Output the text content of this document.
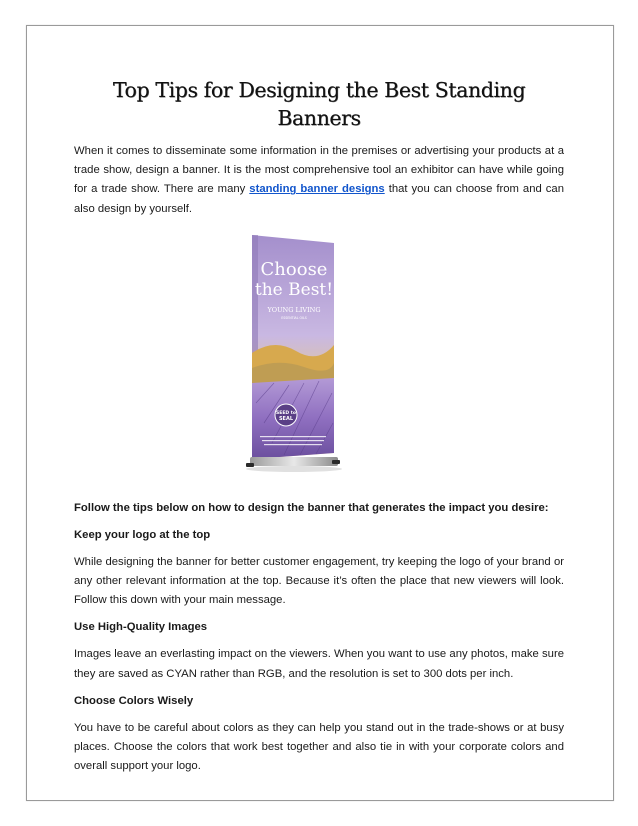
Top Tips for Designing the Best Standing Banners

When it comes to disseminate some information in the premises or advertising your products at a trade show, design a banner. It is the most comprehensive tool an exhibitor can have while going for a trade show. There are many standing banner designs that you can choose from and can also design by yourself.

Choose
the Best!
YOUNG LIVING
ESSENTIAL OILS
SEED to
SEAL

Follow the tips below on how to design the banner that generates the impact you desire:

Keep your logo at the top

While designing the banner for better customer engagement, try keeping the logo of your brand or any other relevant information at the top. Because it’s often the place that new viewers will look. Follow this down with your main message.

Use High-Quality Images

Images leave an everlasting impact on the viewers. When you want to use any photos, make sure they are saved as CYAN rather than RGB, and the resolution is set to 300 dots per inch.

Choose Colors Wisely

You have to be careful about colors as they can help you stand out in the trade-shows or at busy places. Choose the colors that work best together and also tie in with your corporate colors and overall support your logo.
